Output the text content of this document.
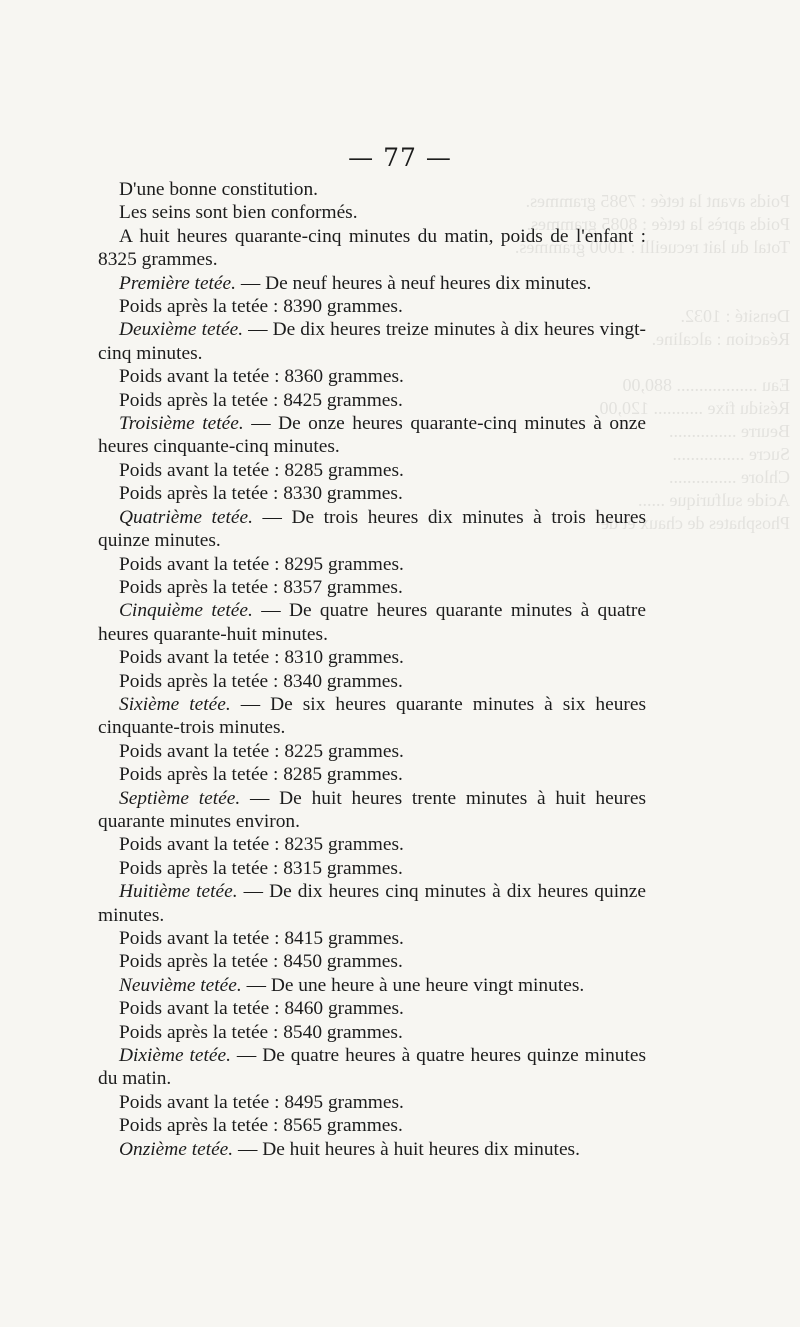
Poids avant la tetée : 7985 grammes.
Poids après la tetée : 8085 grammes.
Total du lait recueilli : 1000 grammes.

Densité : 1032.
Réaction : alcaline.

Eau .................. 880,00
Résidu fixe ........... 120,00
Beurre ...............
Sucre ................
Chlore ...............
Acide sulfurique ......
Phosphates de chaux et de
— 77 —

D'une bonne constitution.

Les seins sont bien conformés.

A huit heures quarante-cinq minutes du matin, poids de l'enfant : 8325 grammes.

Première tetée. — De neuf heures à neuf heures dix minutes.

Poids après la tetée : 8390 grammes.

Deuxième tetée. — De dix heures treize minutes à dix heures vingt-cinq minutes.

Poids avant la tetée : 8360 grammes.

Poids après la tetée : 8425 grammes.

Troisième tetée. — De onze heures quarante-cinq minutes à onze heures cinquante-cinq minutes.

Poids avant la tetée : 8285 grammes.

Poids après la tetée : 8330 grammes.

Quatrième tetée. — De trois heures dix minutes à trois heures quinze minutes.

Poids avant la tetée : 8295 grammes.

Poids après la tetée : 8357 grammes.

Cinquième tetée. — De quatre heures quarante minutes à quatre heures quarante-huit minutes.

Poids avant la tetée : 8310 grammes.

Poids après la tetée : 8340 grammes.

Sixième tetée. — De six heures quarante minutes à six heures cinquante-trois minutes.

Poids avant la tetée : 8225 grammes.

Poids après la tetée : 8285 grammes.

Septième tetée. — De huit heures trente minutes à huit heures quarante minutes environ.

Poids avant la tetée : 8235 grammes.

Poids après la tetée : 8315 grammes.

Huitième tetée. — De dix heures cinq minutes à dix heures quinze minutes.

Poids avant la tetée : 8415 grammes.

Poids après la tetée : 8450 grammes.

Neuvième tetée. — De une heure à une heure vingt minutes.

Poids avant la tetée : 8460 grammes.

Poids après la tetée : 8540 grammes.

Dixième tetée. — De quatre heures à quatre heures quinze minutes du matin.

Poids avant la tetée : 8495 grammes.

Poids après la tetée : 8565 grammes.

Onzième tetée. — De huit heures à huit heures dix minutes.
